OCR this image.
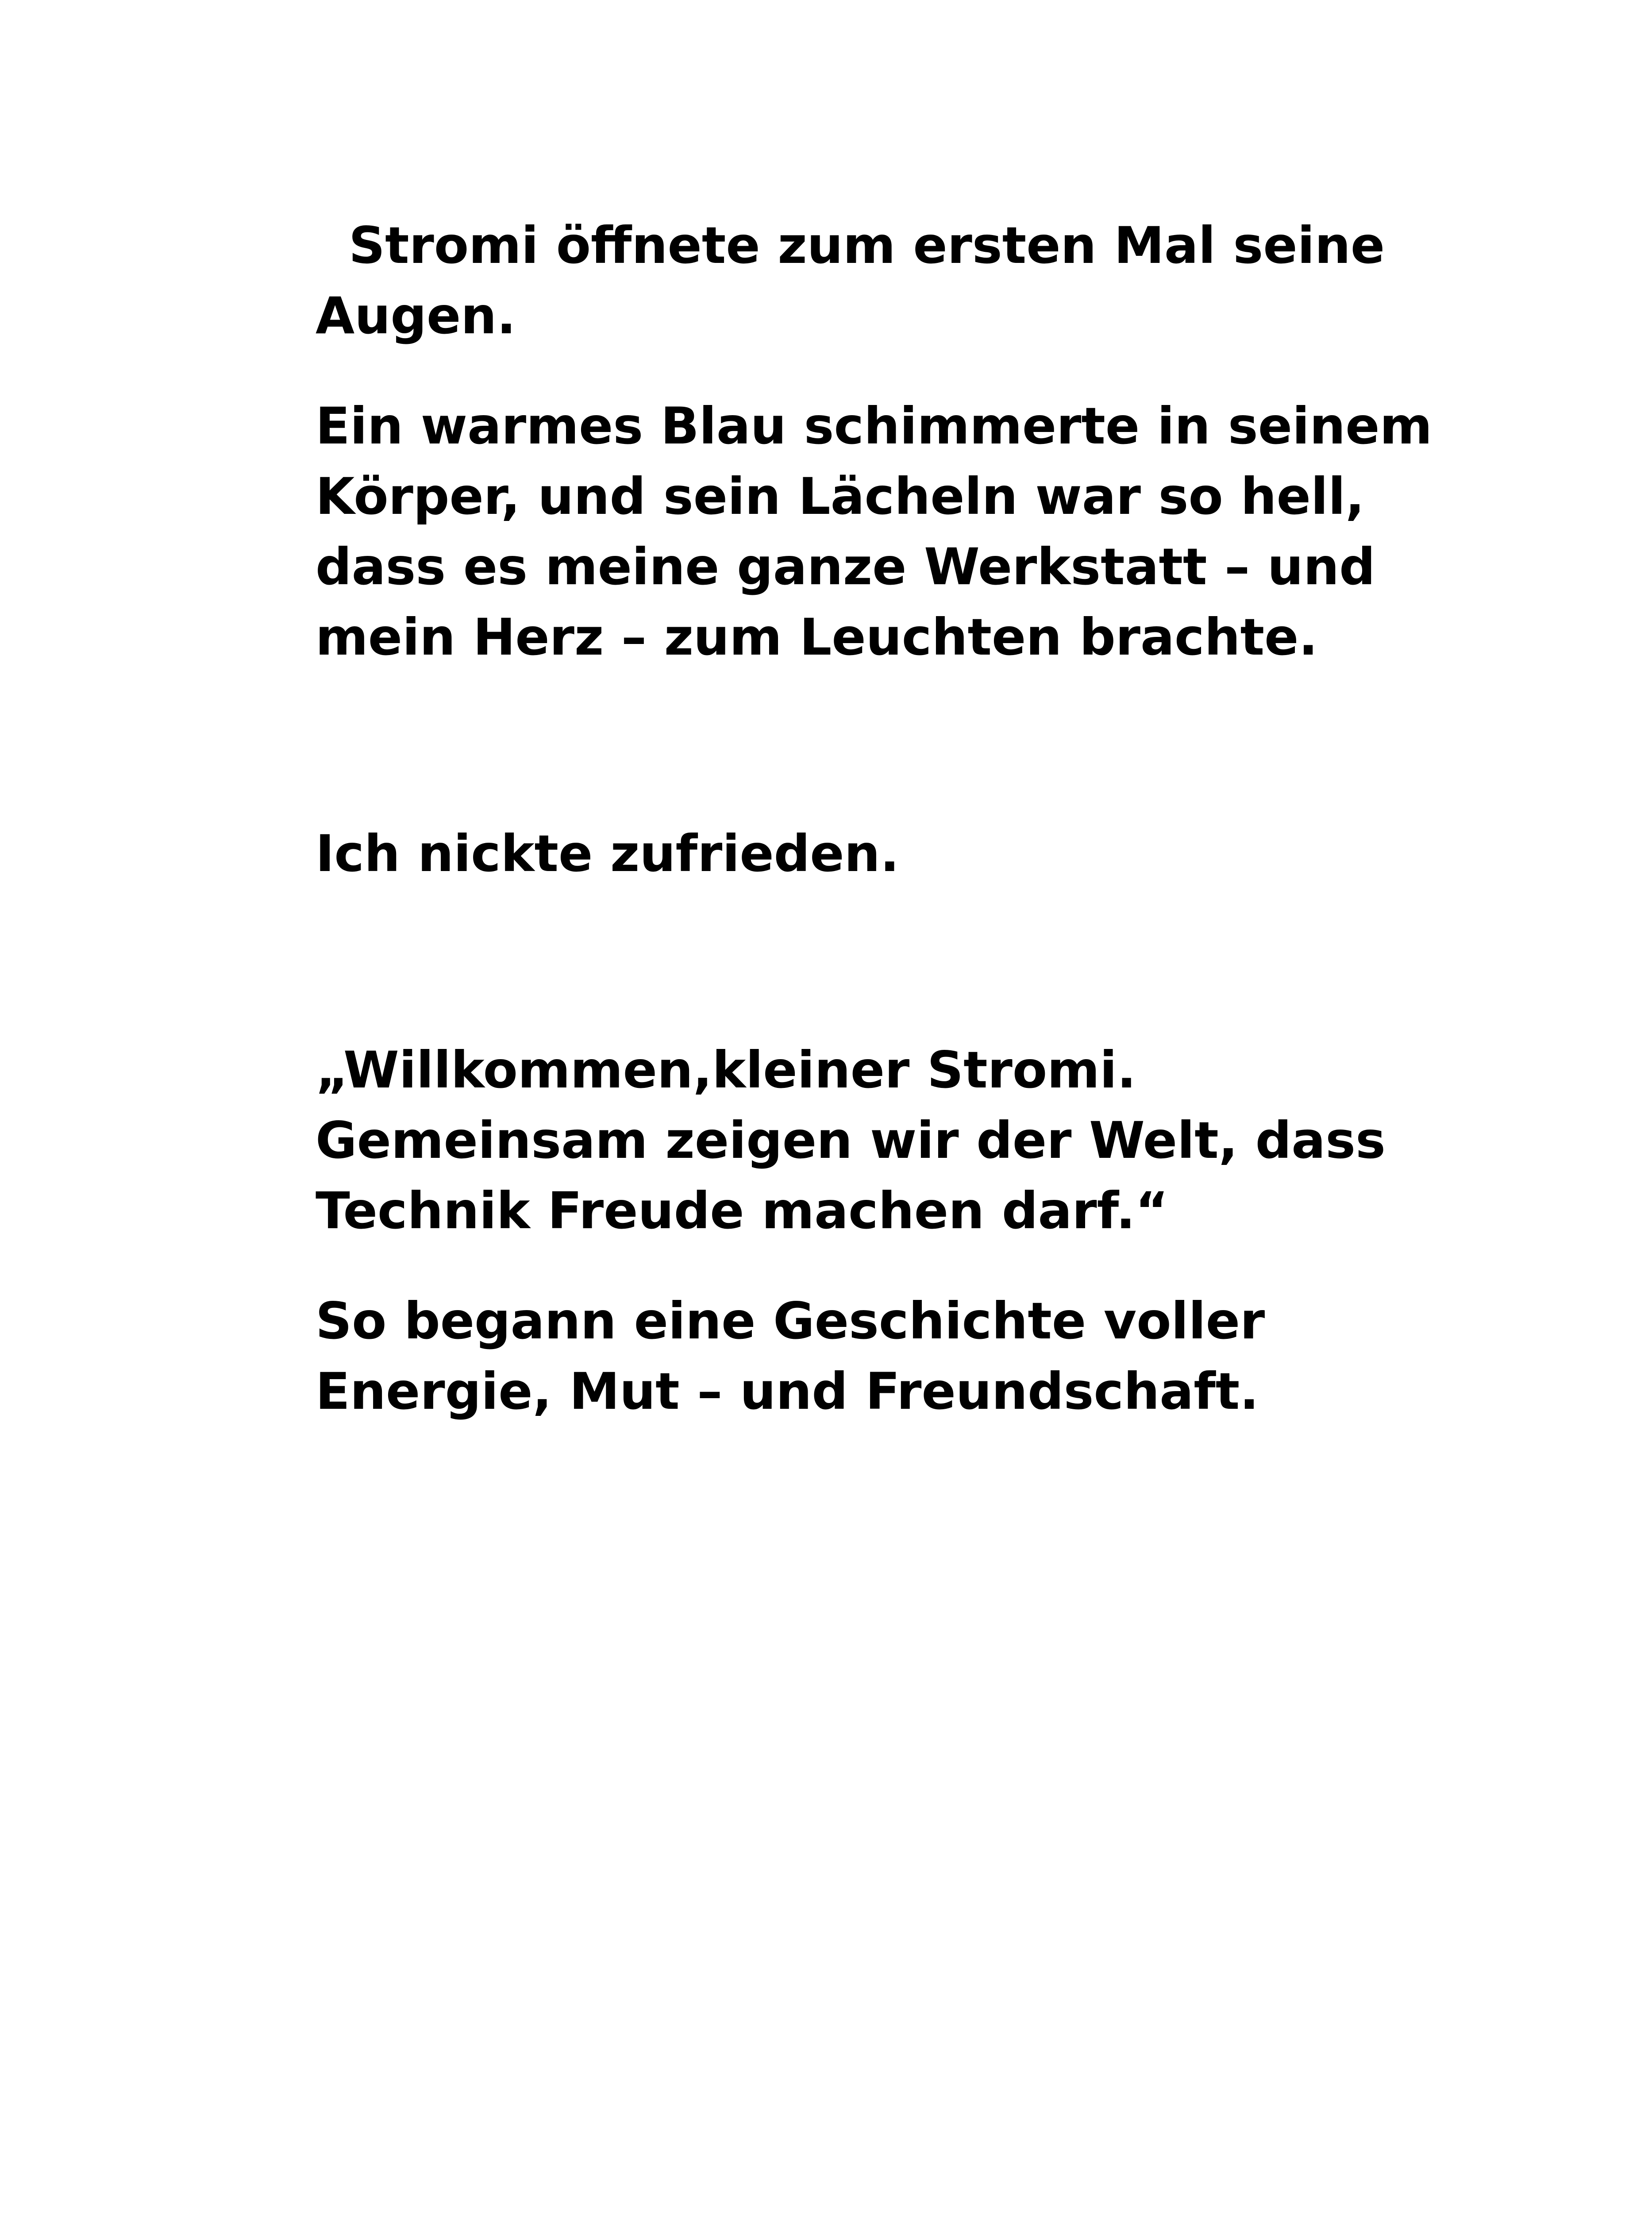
Stromi öffnete zum ersten Mal seine Augen.

Ein warmes Blau schimmerte in seinem Körper, und sein Lächeln war so hell, dass es meine ganze Werkstatt – und mein Herz – zum Leuchten brachte.

Ich nickte zufrieden.

„Willkommen,kleiner Stromi. Gemeinsam zeigen wir der Welt, dass Technik Freude machen darf.“

So begann eine Geschichte voller Energie, Mut – und Freundschaft.
